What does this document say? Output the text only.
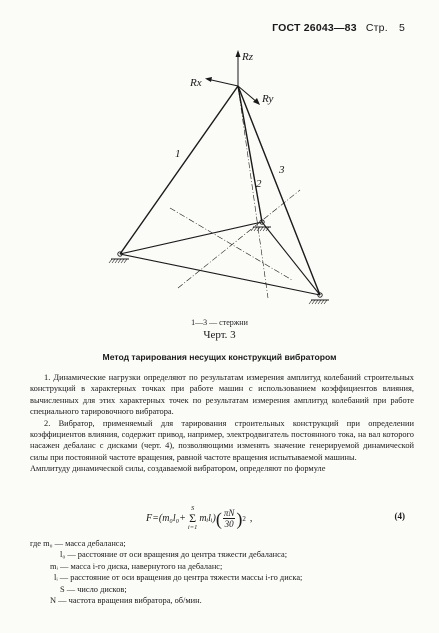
ГОСТ 26043—83 Стр. 5
Rz
Rx
Ry
1
2
3
1—3 — стержни
Черт. 3
Метод тарирования несущих конструкций вибратором

1. Динамические нагрузки определяют по результатам измерения амплитуд колебаний строительных конструкций в характерных точках при работе машин с использованием коэффициентов влияния, вычисленных для этих характерных точек по результатам измерения амплитуд колебаний при работе специального тарировочного вибратора.

2. Вибратор, применяемый для тарирования строительных конструкций при определении коэффициентов влияния, содержит привод, например, электродвигатель постоянного тока, на вал которого насажен дебаланс с дисками (черт. 4), позволяющими изменять значение генерируемой динамической силы при постоянной частоте вращения, равной частоте вращения испытываемой машины.

Амплитуду динамической силы, создаваемой вибратором, определяют по формуле

F= (m₀l₀+
S
Σ
i=1
mᵢlᵢ) ( $\frac{\pi N}{30}$ ) 2 ,	(4)
где m₀ — масса дебаланса;
l₀ — расстояние от оси вращения до центра тяжести дебаланса;
mᵢ — масса i-го диска, навернутого на дебаланс;
lᵢ — расстояние от оси вращения до центра тяжести массы i-го диска;
S — число дисков;
N — частота вращения вибратора, об/мин.
